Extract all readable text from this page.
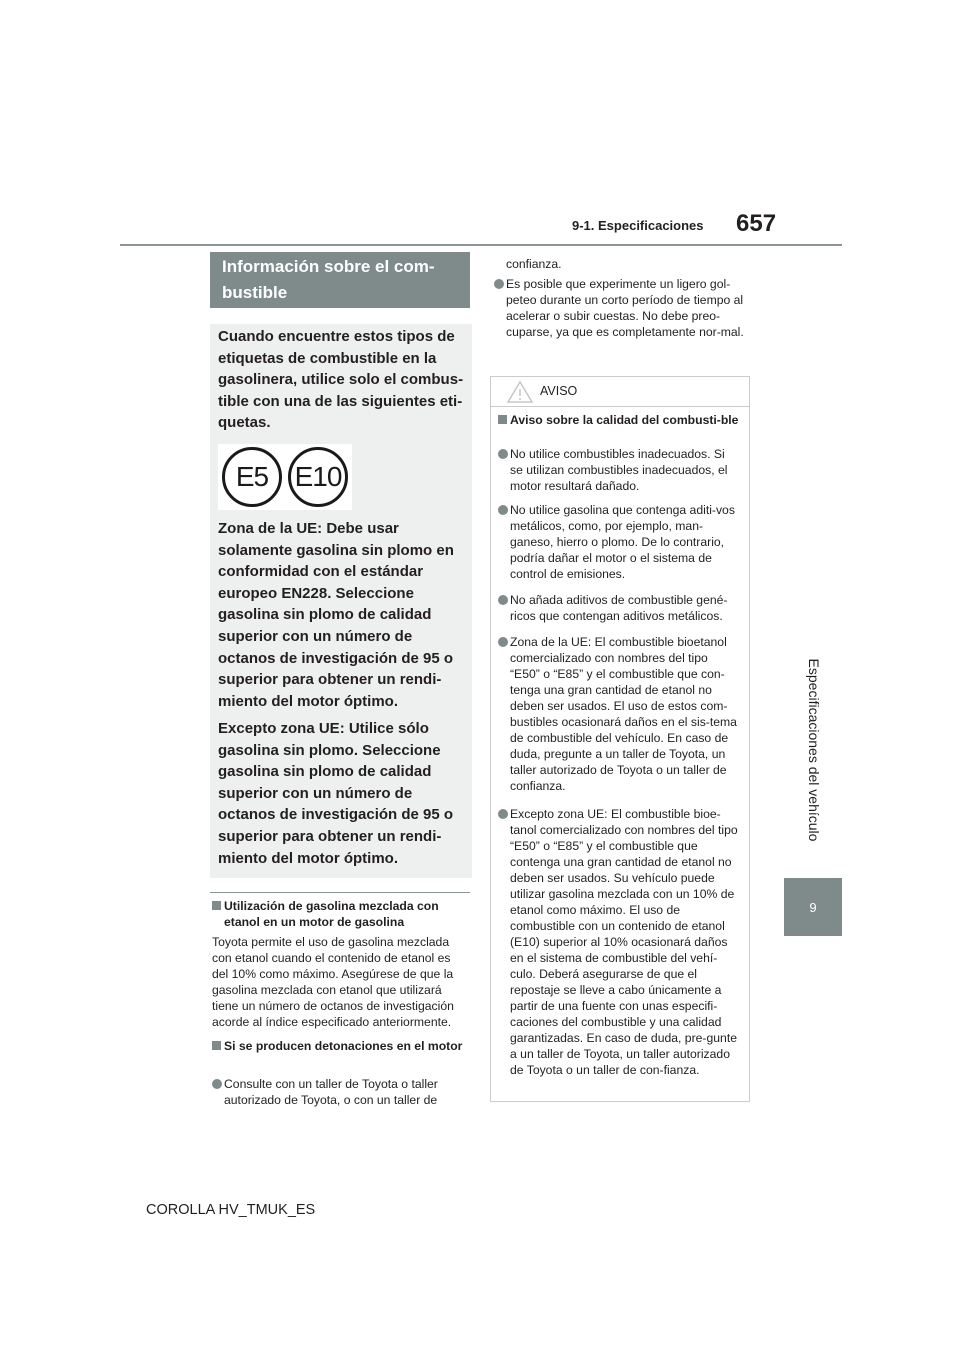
9-1. Especificaciones 657
Especificaciones del vehículo
9
Información sobre el com-bustible
Cuando encuentre estos tipos de etiquetas de combustible en la gasolinera, utilice solo el combus-tible con una de las siguientes eti-quetas.
E5 E10
Zona de la UE: Debe usar solamente gasolina sin plomo en conformidad con el estándar europeo EN228. Seleccione gasolina sin plomo de calidad superior con un número de octanos de investigación de 95 o superior para obtener un rendi-miento del motor óptimo.
Excepto zona UE: Utilice sólo gasolina sin plomo. Seleccione gasolina sin plomo de calidad superior con un número de octanos de investigación de 95 o superior para obtener un rendi-miento del motor óptimo.
Utilización de gasolina mezclada con etanol en un motor de gasolina
Toyota permite el uso de gasolina mezclada con etanol cuando el contenido de etanol es del 10% como máximo. Asegúrese de que la gasolina mezclada con etanol que utilizará tiene un número de octanos de investigación acorde al índice especificado anteriormente.
Si se producen detonaciones en el motor
Consulte con un taller de Toyota o taller autorizado de Toyota, o con un taller de
confianza.
Es posible que experimente un ligero gol-peteo durante un corto período de tiempo al acelerar o subir cuestas. No debe preo-cuparse, ya que es completamente nor-mal.
AVISO
Aviso sobre la calidad del combusti-ble
No utilice combustibles inadecuados. Si se utilizan combustibles inadecuados, el motor resultará dañado.
No utilice gasolina que contenga aditi-vos metálicos, como, por ejemplo, man-ganeso, hierro o plomo. De lo contrario, podría dañar el motor o el sistema de control de emisiones.
No añada aditivos de combustible gené-ricos que contengan aditivos metálicos.
Zona de la UE: El combustible bioetanol comercializado con nombres del tipo “E50” o “E85” y el combustible que con-tenga una gran cantidad de etanol no deben ser usados. El uso de estos com-bustibles ocasionará daños en el sis-tema de combustible del vehículo. En caso de duda, pregunte a un taller de Toyota, un taller autorizado de Toyota o un taller de confianza.
Excepto zona UE: El combustible bioe-tanol comercializado con nombres del tipo “E50” o “E85” y el combustible que contenga una gran cantidad de etanol no deben ser usados. Su vehículo puede utilizar gasolina mezclada con un 10% de etanol como máximo. El uso de combustible con un contenido de etanol (E10) superior al 10% ocasionará daños en el sistema de combustible del vehí-culo. Deberá asegurarse de que el repostaje se lleve a cabo únicamente a partir de una fuente con unas especifi-caciones del combustible y una calidad garantizadas. En caso de duda, pre-gunte a un taller de Toyota, un taller autorizado de Toyota o un taller de con-fianza.
COROLLA HV_TMUK_ES
